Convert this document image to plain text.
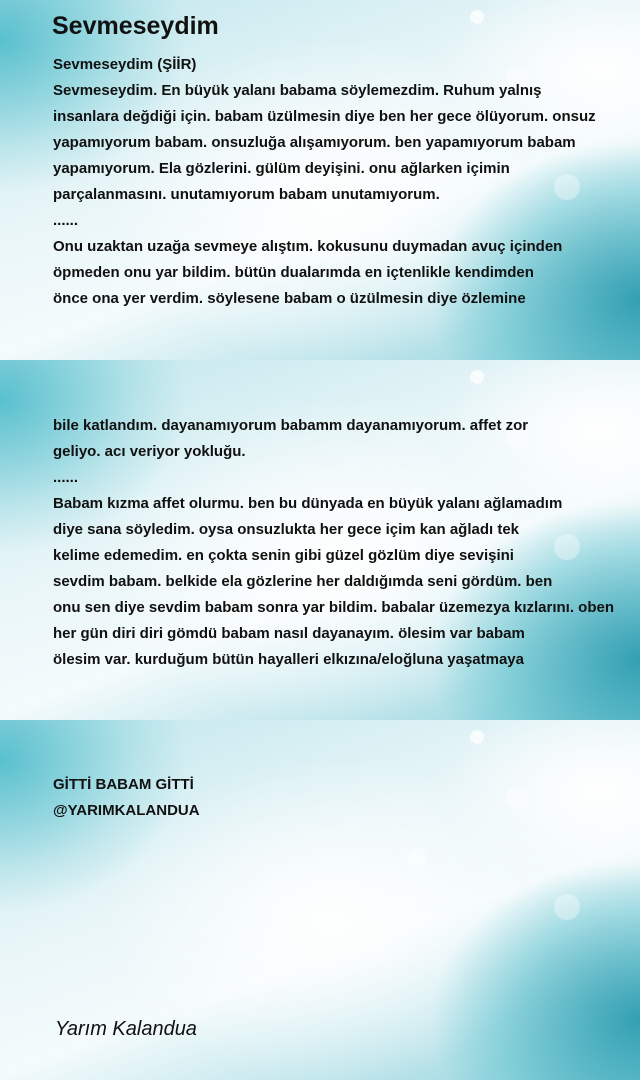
Sevmeseydim
Sevmeseydim (ŞİİR)
Sevmeseydim. En büyük yalanı babama söylemezdim. Ruhum yalnış
insanlara değdiği için. babam üzülmesin diye ben her gece ölüyorum. onsuz
yapamıyorum babam. onsuzluğa alışamıyorum. ben yapamıyorum babam
yapamıyorum. Ela gözlerini. gülüm deyişini. onu ağlarken içimin
parçalanmasını. unutamıyorum babam unutamıyorum.
......
Onu uzaktan uzağa sevmeye alıştım. kokusunu duymadan avuç içinden
öpmeden onu yar bildim. bütün dualarımda en içtenlikle kendimden
önce ona yer verdim. söylesene babam o üzülmesin diye özlemine
bile katlandım. dayanamıyorum babamm dayanamıyorum. affet zor
geliyo. acı veriyor yokluğu.
......
Babam kızma affet olurmu. ben bu dünyada en büyük yalanı ağlamadım
diye sana söyledim. oysa onsuzlukta her gece içim kan ağladı tek
kelime edemedim. en çokta senin gibi güzel gözlüm diye sevişini
sevdim babam. belkide ela gözlerine her daldığımda seni gördüm. ben
onu sen diye sevdim babam sonra yar bildim. babalar üzemezya kızlarını. oben
her gün diri diri gömdü babam nasıl dayanayım. ölesim var babam
ölesim var. kurduğum bütün hayalleri elkızına/eloğluna yaşatmaya
GİTTİ BABAM GİTTİ
@YARIMKALANDUA
Yarım Kalandua
